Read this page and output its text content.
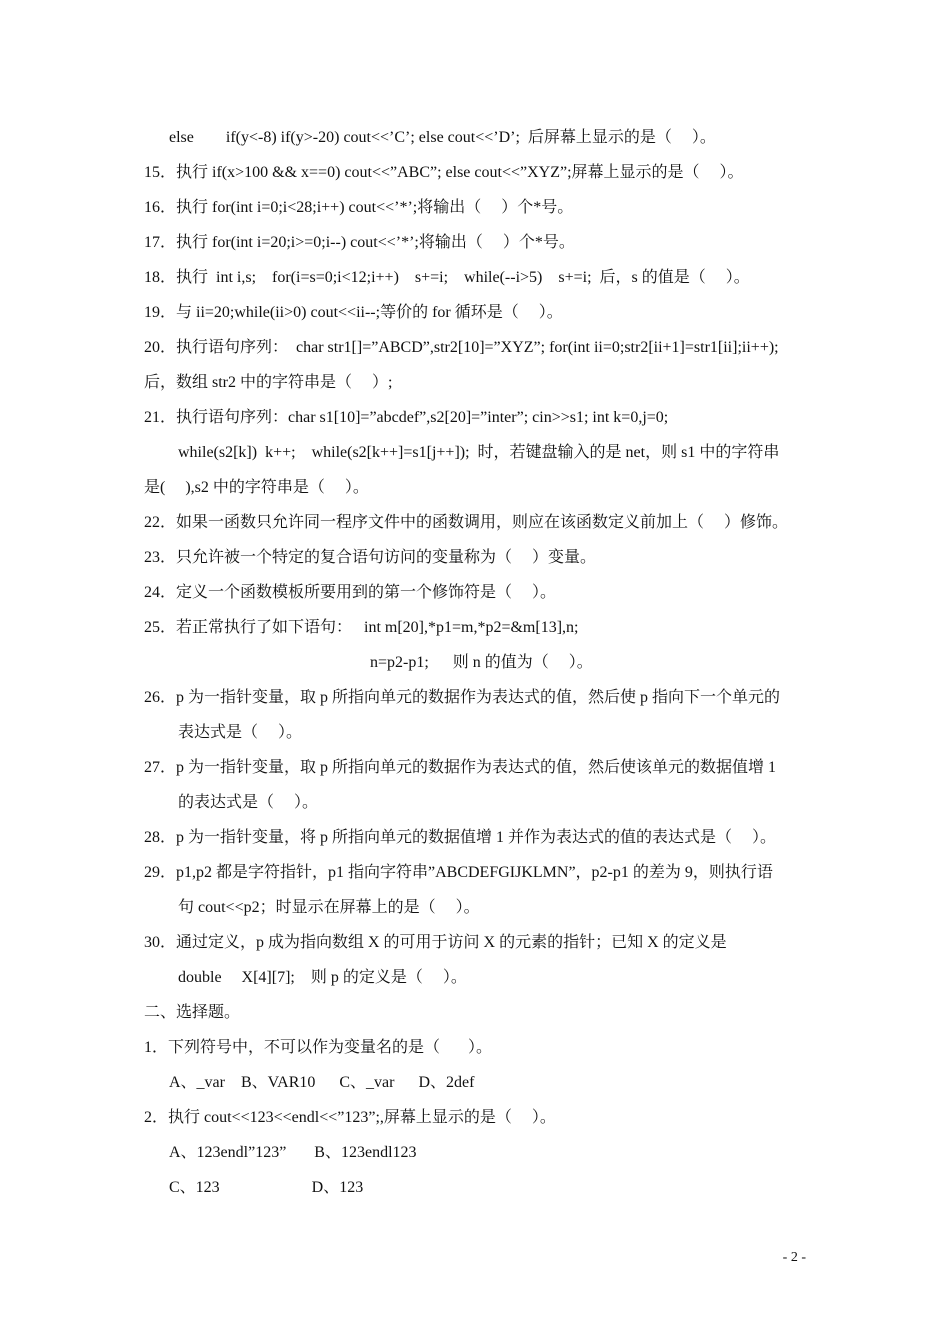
else        if(y<-8) if(y>-20) cout<<’C’; else cout<<’D’;  后屏幕上显示的是（     ）。
15．执行 if(x>100 && x==0) cout<<”ABC”; else cout<<”XYZ”;屏幕上显示的是（     ）。
16．执行 for(int i=0;i<28;i++) cout<<’*’;将输出（     ）个*号。
17．执行 for(int i=20;i>=0;i--) cout<<’*’;将输出（     ）个*号。
18．执行  int i,s;    for(i=s=0;i<12;i++)    s+=i;    while(--i>5)    s+=i;  后，s 的值是（     ）。
19．与 ii=20;while(ii>0) cout<<ii--;等价的 for 循环是（     ）。
20．执行语句序列：  char str1[]=”ABCD”,str2[10]=”XYZ”; for(int ii=0;str2[ii+1]=str1[ii];ii++);
后，数组 str2 中的字符串是（     ）;
21．执行语句序列：char s1[10]=”abcdef”,s2[20]=”inter”; cin>>s1; int k=0,j=0;
while(s2[k])  k++;    while(s2[k++]=s1[j++]);  时，若键盘输入的是 net，则 s1 中的字符串
是(     ),s2 中的字符串是（     ）。
22．如果一函数只允许同一程序文件中的函数调用，则应在该函数定义前加上（     ）修饰。
23．只允许被一个特定的复合语句访问的变量称为（     ）变量。
24．定义一个函数模板所要用到的第一个修饰符是（     ）。
25．若正常执行了如下语句：   int m[20],*p1=m,*p2=&m[13],n;
n=p2-p1;      则 n 的值为（     ）。
26．p 为一指针变量，取 p 所指向单元的数据作为表达式的值，然后使 p 指向下一个单元的
表达式是（     ）。
27．p 为一指针变量，取 p 所指向单元的数据作为表达式的值，然后使该单元的数据值增 1
的表达式是（     ）。
28．p 为一指针变量，将 p 所指向单元的数据值增 1 并作为表达式的值的表达式是（     ）。
29．p1,p2 都是字符指针，p1 指向字符串”ABCDEFGIJKLMN”，p2-p1 的差为 9，则执行语
句 cout<<p2；时显示在屏幕上的是（     ）。
30．通过定义，p 成为指向数组 X 的可用于访问 X 的元素的指针；已知 X 的定义是
double     X[4][7];    则 p 的定义是（     ）。
二、选择题。
1．下列符号中，不可以作为变量名的是（       ）。
A、_var    B、VAR10      C、_var      D、2def
2．执行 cout<<123<<endl<<”123”;,屏幕上显示的是（     ）。
A、123endl”123”       B、123endl123
C、123                       D、123
- 2 -
